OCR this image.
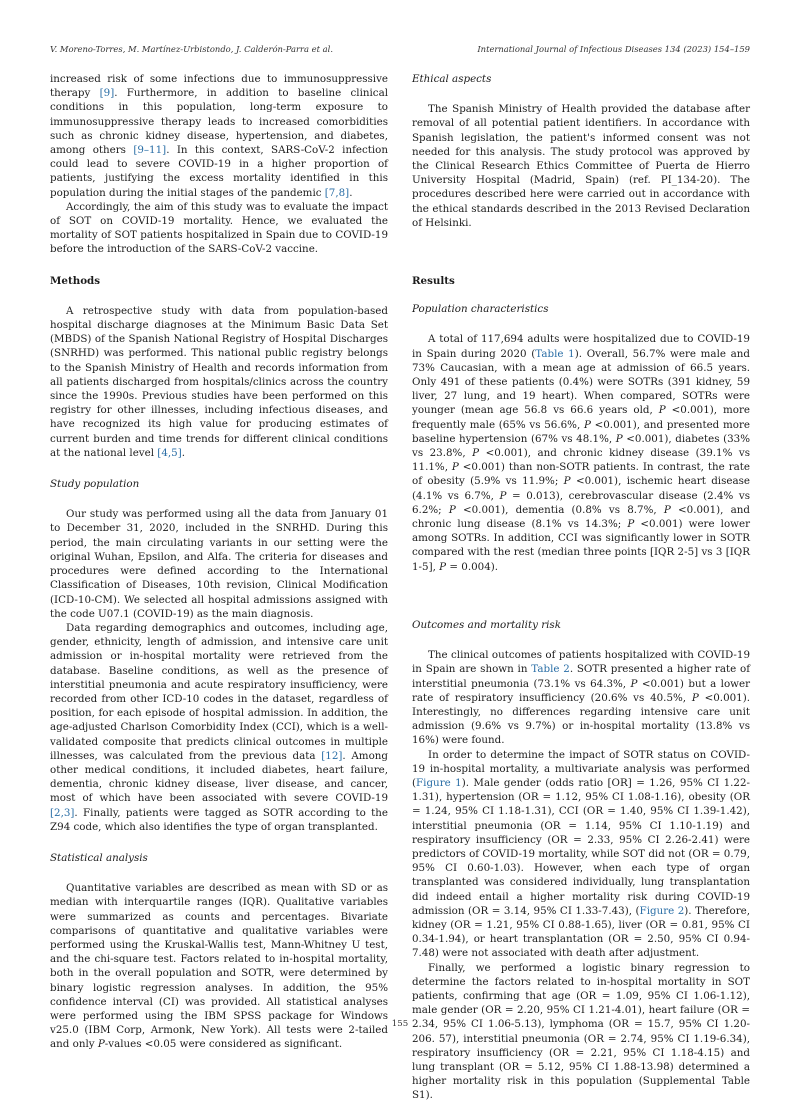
V. Moreno-Torres, M. Martínez-Urbistondo, J. Calderón-Parra et al.	International Journal of Infectious Diseases 134 (2023) 154–159

increased risk of some infections due to immunosuppressive therapy [9]. Furthermore, in addition to baseline clinical conditions in this population, long-term exposure to immunosuppressive therapy leads to increased comorbidities such as chronic kidney disease, hypertension, and diabetes, among others [9–11]. In this context, SARS-CoV-2 infection could lead to severe COVID-19 in a higher proportion of patients, justifying the excess mortality identified in this population during the initial stages of the pandemic [7,8].

Accordingly, the aim of this study was to evaluate the impact of SOT on COVID-19 mortality. Hence, we evaluated the mortality of SOT patients hospitalized in Spain due to COVID-19 before the introduction of the SARS-CoV-2 vaccine.

Methods

A retrospective study with data from population-based hospital discharge diagnoses at the Minimum Basic Data Set (MBDS) of the Spanish National Registry of Hospital Discharges (SNRHD) was performed. This national public registry belongs to the Spanish Ministry of Health and records information from all patients discharged from hospitals/clinics across the country since the 1990s. Previous studies have been performed on this registry for other illnesses, including infectious diseases, and have recognized its high value for producing estimates of current burden and time trends for different clinical conditions at the national level [4,5].

Study population

Our study was performed using all the data from January 01 to December 31, 2020, included in the SNRHD. During this period, the main circulating variants in our setting were the original Wuhan, Epsilon, and Alfa. The criteria for diseases and procedures were defined according to the International Classification of Diseases, 10th revision, Clinical Modification (ICD-10-CM). We selected all hospital admissions assigned with the code U07.1 (COVID-19) as the main diagnosis.

Data regarding demographics and outcomes, including age, gender, ethnicity, length of admission, and intensive care unit admission or in-hospital mortality were retrieved from the database. Baseline conditions, as well as the presence of interstitial pneumonia and acute respiratory insufficiency, were recorded from other ICD-10 codes in the dataset, regardless of position, for each episode of hospital admission. In addition, the age-adjusted Charlson Comorbidity Index (CCI), which is a well-validated composite that predicts clinical outcomes in multiple illnesses, was calculated from the previous data [12]. Among other medical conditions, it included diabetes, heart failure, dementia, chronic kidney disease, liver disease, and cancer, most of which have been associated with severe COVID-19 [2,3]. Finally, patients were tagged as SOTR according to the Z94 code, which also identifies the type of organ transplanted.

Statistical analysis

Quantitative variables are described as mean with SD or as median with interquartile ranges (IQR). Qualitative variables were summarized as counts and percentages. Bivariate comparisons of quantitative and qualitative variables were performed using the Kruskal-Wallis test, Mann-Whitney U test, and the chi-square test. Factors related to in-hospital mortality, both in the overall population and SOTR, were determined by binary logistic regression analyses. In addition, the 95% confidence interval (CI) was provided. All statistical analyses were performed using the IBM SPSS package for Windows v25.0 (IBM Corp, Armonk, New York). All tests were 2-tailed and only P-values <0.05 were considered as significant.

Ethical aspects

The Spanish Ministry of Health provided the database after removal of all potential patient identifiers. In accordance with Spanish legislation, the patient's informed consent was not needed for this analysis. The study protocol was approved by the Clinical Research Ethics Committee of Puerta de Hierro University Hospital (Madrid, Spain) (ref. PI_134-20). The procedures described here were carried out in accordance with the ethical standards described in the 2013 Revised Declaration of Helsinki.

Results
Population characteristics

A total of 117,694 adults were hospitalized due to COVID-19 in Spain during 2020 (Table 1). Overall, 56.7% were male and 73% Caucasian, with a mean age at admission of 66.5 years. Only 491 of these patients (0.4%) were SOTRs (391 kidney, 59 liver, 27 lung, and 19 heart). When compared, SOTRs were younger (mean age 56.8 vs 66.6 years old, P <0.001), more frequently male (65% vs 56.6%, P <0.001), and presented more baseline hypertension (67% vs 48.1%, P <0.001), diabetes (33% vs 23.8%, P <0.001), and chronic kidney disease (39.1% vs 11.1%, P <0.001) than non-SOTR patients. In contrast, the rate of obesity (5.9% vs 11.9%; P <0.001), ischemic heart disease (4.1% vs 6.7%, P = 0.013), cerebrovascular disease (2.4% vs 6.2%; P <0.001), dementia (0.8% vs 8.7%, P <0.001), and chronic lung disease (8.1% vs 14.3%; P <0.001) were lower among SOTRs. In addition, CCI was significantly lower in SOTR compared with the rest (median three points [IQR 2-5] vs 3 [IQR 1-5], P = 0.004).

Outcomes and mortality risk

The clinical outcomes of patients hospitalized with COVID-19 in Spain are shown in Table 2. SOTR presented a higher rate of interstitial pneumonia (73.1% vs 64.3%, P <0.001) but a lower rate of respiratory insufficiency (20.6% vs 40.5%, P <0.001). Interestingly, no differences regarding intensive care unit admission (9.6% vs 9.7%) or in-hospital mortality (13.8% vs 16%) were found.

In order to determine the impact of SOTR status on COVID-19 in-hospital mortality, a multivariate analysis was performed (Figure 1). Male gender (odds ratio [OR] = 1.26, 95% CI 1.22-1.31), hypertension (OR = 1.12, 95% CI 1.08-1.16), obesity (OR = 1.24, 95% CI 1.18-1.31), CCI (OR = 1.40, 95% CI 1.39-1.42), interstitial pneumonia (OR = 1.14, 95% CI 1.10-1.19) and respiratory insufficiency (OR = 2.33, 95% CI 2.26-2.41) were predictors of COVID-19 mortality, while SOT did not (OR = 0.79, 95% CI 0.60-1.03). However, when each type of organ transplanted was considered individually, lung transplantation did indeed entail a higher mortality risk during COVID-19 admission (OR = 3.14, 95% CI 1.33-7.43), (Figure 2). Therefore, kidney (OR = 1.21, 95% CI 0.88-1.65), liver (OR = 0.81, 95% CI 0.34-1.94), or heart transplantation (OR = 2.50, 95% CI 0.94-7.48) were not associated with death after adjustment.

Finally, we performed a logistic binary regression to determine the factors related to in-hospital mortality in SOT patients, confirming that age (OR = 1.09, 95% CI 1.06-1.12), male gender (OR = 2.20, 95% CI 1.21-4.01), heart failure (OR = 2.34, 95% CI 1.06-5.13), lymphoma (OR = 15.7, 95% CI 1.20-206. 57), interstitial pneumonia (OR = 2.74, 95% CI 1.19-6.34), respiratory insufficiency (OR = 2.21, 95% CI 1.18-4.15) and lung transplant (OR = 5.12, 95% CI 1.88-13.98) determined a higher mortality risk in this population (Supplemental Table S1).

155
